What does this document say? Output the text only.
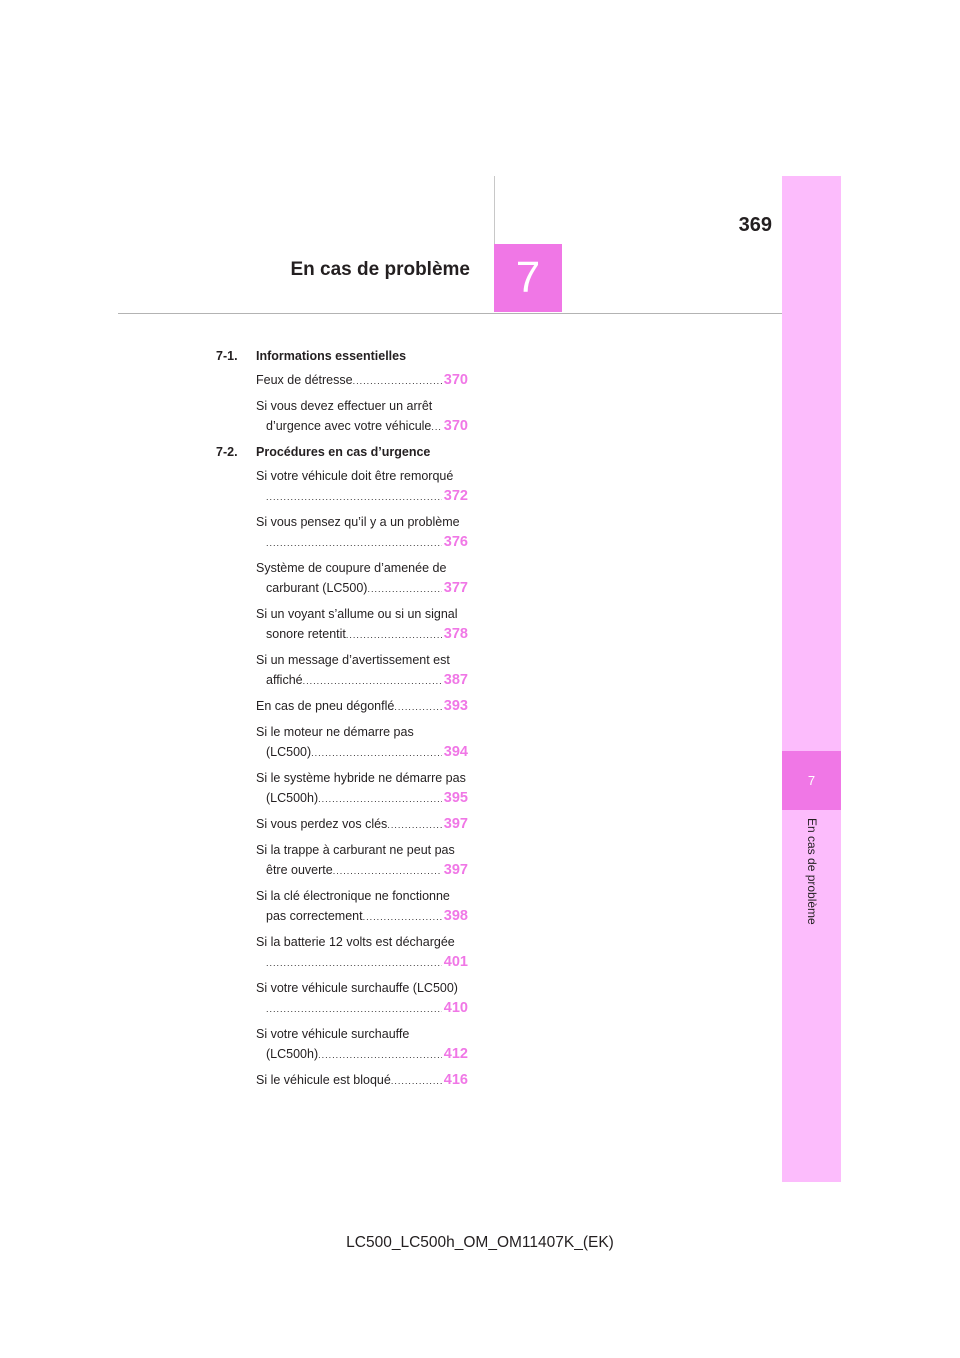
7
En cas de problème
369
7
En cas de problème
7-1.	Informations essentielles
Feux de détresse .....	370
Si vous devez effectuer un arrêt
d’urgence avec votre véhicule ..... 370
7-2.	Procédures en cas d’urgence
Si votre véhicule doit être remorqué
.....
372
Si vous pensez qu’il y a un problème
.....
376
Système de coupure d’amenée de
carburant (LC500) .....	377
Si un voyant s’allume ou si un signal
sonore retentit .....	378
Si un message d’avertissement est
affiché .....	387
En cas de pneu dégonflé .....	393
Si le moteur ne démarre pas
(LC500) .....	394
Si le système hybride ne démarre pas
(LC500h) .....	395
Si vous perdez vos clés .....	397
Si la trappe à carburant ne peut pas
être ouverte .....	397
Si la clé électronique ne fonctionne
pas correctement .....	398
Si la batterie 12 volts est déchargée
.....
401
Si votre véhicule surchauffe (LC500)
.....
410
Si votre véhicule surchauffe
(LC500h) .....	412
Si le véhicule est bloqué .....	416
LC500_LC500h_OM_OM11407K_(EK)
